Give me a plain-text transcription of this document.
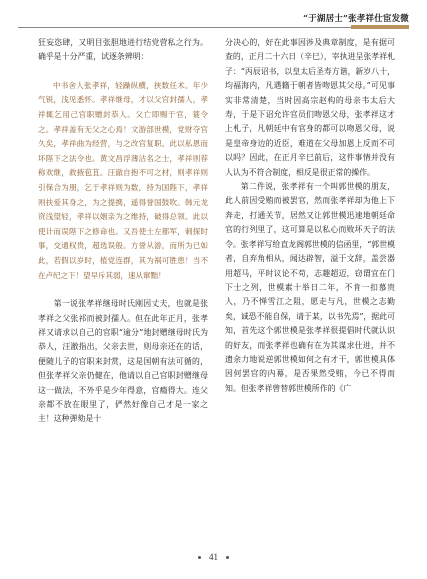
“于湖居士”张孝祥仕宦发微

狂妄恣肆，又明目张胆地进行结党营私之行为。确乎是十分严重，试逐条辨明：

中书舍人张孝祥，轻躁纵横，挟数任术。年少气锐，浅见悉怀。孝祥继母，才以父官封孺人，孝祥辄乞用己官职赠封恭人。父亡即赐于官，蓑令之。孝祥盖有无父之心焉！文游部世模，党财夺官久矣，孝祥曲为经营，与之改官复职。此以私恩而坏陛下之法令也。黄文昌浮薄沽名之士，孝祥则荐称欢继，救掖苞苴。汪澈自抱不可之材，则孝祥则引保合为朋，乞于孝祥则为数，持为国陛下，孝祥则扶爱其身之，为之提携，遥得誉国鼓吹。韩元龙资浅望轻，孝祥以姻亲为之维持，破得总领。此以使计而误陛下之修命也。又吾使士左都军，刺探时事，交通权贵，超选误般。方誉从游，而所为已如此，若假以岁时，植党连群，其为祸可胜患！当不在卢纪之下！望早斥其弱，速从窜黜！

第一说张孝祥继母时氏刚因丈夫，也就是张孝祥之父张祁而被封孺人。但在此年正月，张孝祥又请求以自己的官职“逾分”地封赠继母时氏为恭人，汪澈指出，父亲去世，则母亲还在的话，便随儿子的官职来封赏，这是国朝有法可循的，但张孝祥父亲仍健在，他请以自己官职封赠继母这一做法，不外乎是少年得意，官瘾得大。连父亲都不放在眼里了，俨然好像自己才是一家之主！这种弹劾是十

分决心的，好在此事因涉及典章制度，是有据可查的，正月二十六日（辛巳），宰执进呈张孝祥札子：“丙辰诏书，以皇太后圣寿方谐，新岁八十，均福海内，凡遇籍于朝者皆吻恩其父母。”可见事实非常清楚，当时因高宗赵构的母亲韦太后大寿，于是下诏允许官员们吻恩父母，张孝祥这才上札子，凡朝廷中有官身的都可以吻恩父母，说是皇帝身边的近臣，难道在父母加恩上反而不可以吗？因此，在正月辛巳前后，这件事情并没有人认为不符合制度，相反是很正常的操作。

第二件说，张孝祥有一个叫郭世模的朋友，此人前因受贿而被罢官，然而张孝祥却为他上下奔走，打通关节，居然又让郭世模迅速地朝廷命官的行列里了，这可算是以私心而败坏天子的法令。张孝祥写给直龙阁郭世模的信函里，“郭世模者，自弃角相从，闻达辟智，溢于文辞，盖尝器用超马，平时议论不苟，志趣超迈，窃谓宜在门下士之列，世模素十举日二年，不肯一扣慕贵人，乃不惮雪江之阻，愿走与凡，世模之志勤矣，诚恐不能自保，请于某，以书先焉”，据此可知，首先这个郭世模是张孝祥很提倡时代就认识的好友，而张孝祥也确有在为其谋求仕进，并不遗余力地说逆郭世模如何之有才干，郭世模具体因何罢官的内幕，是否果然受贿，今已不得而知。但张孝祥曾替郭世模所作的《广

41
